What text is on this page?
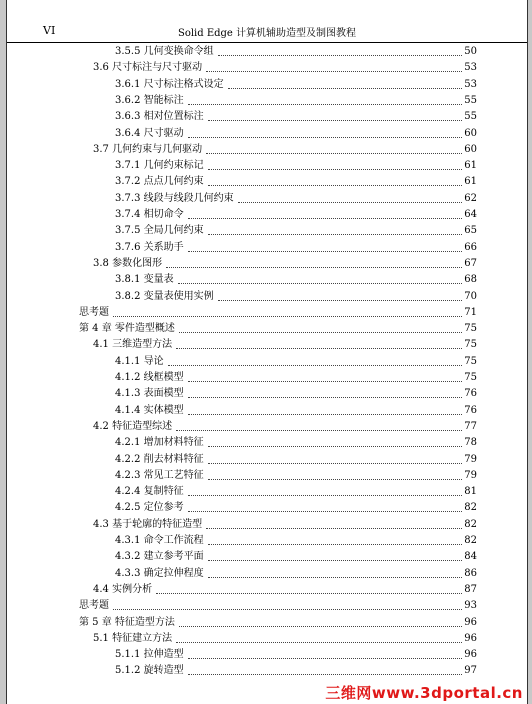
VI	Solid Edge 计算机辅助造型及制图教程
3.5.5 几何变换命令组	50
3.6 尺寸标注与尺寸驱动	53
3.6.1 尺寸标注格式设定	53
3.6.2 智能标注	55
3.6.3 相对位置标注	55
3.6.4 尺寸驱动	60
3.7 几何约束与几何驱动	60
3.7.1 几何约束标记	61
3.7.2 点点几何约束	61
3.7.3 线段与线段几何约束	62
3.7.4 相切命令	64
3.7.5 全局几何约束	65
3.7.6 关系助手	66
3.8 参数化图形	67
3.8.1 变量表	68
3.8.2 变量表使用实例	70
思考题	71
第 4 章 零件造型概述	75
4.1 三维造型方法	75
4.1.1 导论	75
4.1.2 线框模型	75
4.1.3 表面模型	76
4.1.4 实体模型	76
4.2 特征造型综述	77
4.2.1 增加材料特征	78
4.2.2 削去材料特征	79
4.2.3 常见工艺特征	79
4.2.4 复制特征	81
4.2.5 定位参考	82
4.3 基于轮廓的特征造型	82
4.3.1 命令工作流程	82
4.3.2 建立参考平面	84
4.3.3 确定拉伸程度	86
4.4 实例分析	87
思考题	93
第 5 章 特征造型方法	96
5.1 特征建立方法	96
5.1.1 拉伸造型	96
5.1.2 旋转造型	97
三维网www.3dportal.cn
